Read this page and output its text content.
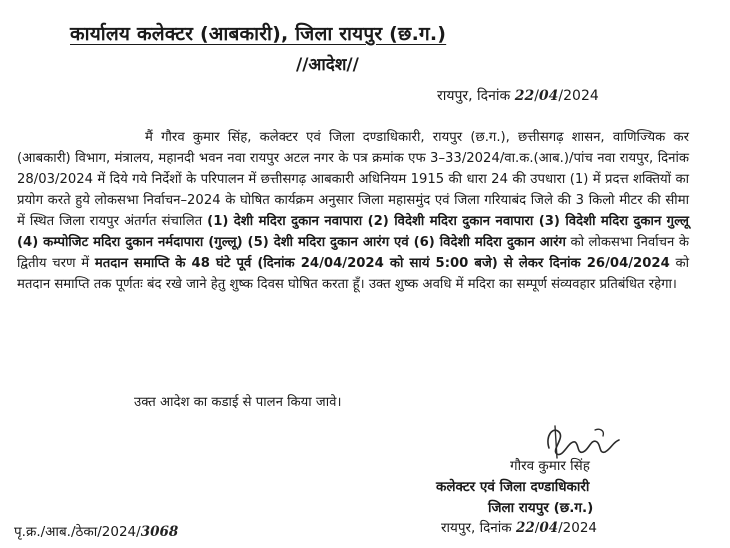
कार्यालय कलेक्टर (आबकारी), जिला रायपुर (छ.ग.)
//आदेश//
रायपुर, दिनांक 22/04/2024

मैं गौरव कुमार सिंह, कलेक्टर एवं जिला दण्डाधिकारी, रायपुर (छ.ग.), छत्तीसगढ़ शासन, वाणिज्यिक कर (आबकारी) विभाग, मंत्रालय, महानदी भवन नवा रायपुर अटल नगर के पत्र क्रमांक एफ 3–33/2024/वा.क.(आब.)/पांच नवा रायपुर, दिनांक 28/03/2024 में दिये गये निर्देशों के परिपालन में छत्तीसगढ़ आबकारी अधिनियम 1915 की धारा 24 की उपधारा (1) में प्रदत्त शक्तियों का प्रयोग करते हुये लोकसभा निर्वाचन–2024 के घोषित कार्यक्रम अनुसार जिला महासमुंद एवं जिला गरियाबंद जिले की 3 किलो मीटर की सीमा में स्थित जिला रायपुर अंतर्गत संचालित (1) देशी मदिरा दुकान नवापारा (2) विदेशी मदिरा दुकान नवापारा (3) विदेशी मदिरा दुकान गुल्लू (4) कम्पोजिट मदिरा दुकान नर्मदापारा (गुल्लू) (5) देशी मदिरा दुकान आरंग एवं (6) विदेशी मदिरा दुकान आरंग को लोकसभा निर्वाचन के द्वितीय चरण में मतदान समाप्ति के 48 घंटे पूर्व (दिनांक 24/04/2024 को सायं 5:00 बजे) से लेकर दिनांक 26/04/2024 को मतदान समाप्ति तक पूर्णतः बंद रखे जाने हेतु शुष्क दिवस घोषित करता हूँ। उक्त शुष्क अवधि में मदिरा का सम्पूर्ण संव्यवहार प्रतिबंधित रहेगा।

उक्त आदेश का कडाई से पालन किया जावे।
गौरव कुमार सिंह
कलेक्टर एवं जिला दण्डाधिकारी
जिला रायपुर (छ.ग.)
पृ.क्र./आब./ठेका/2024/3068	रायपुर, दिनांक 22/04/2024
